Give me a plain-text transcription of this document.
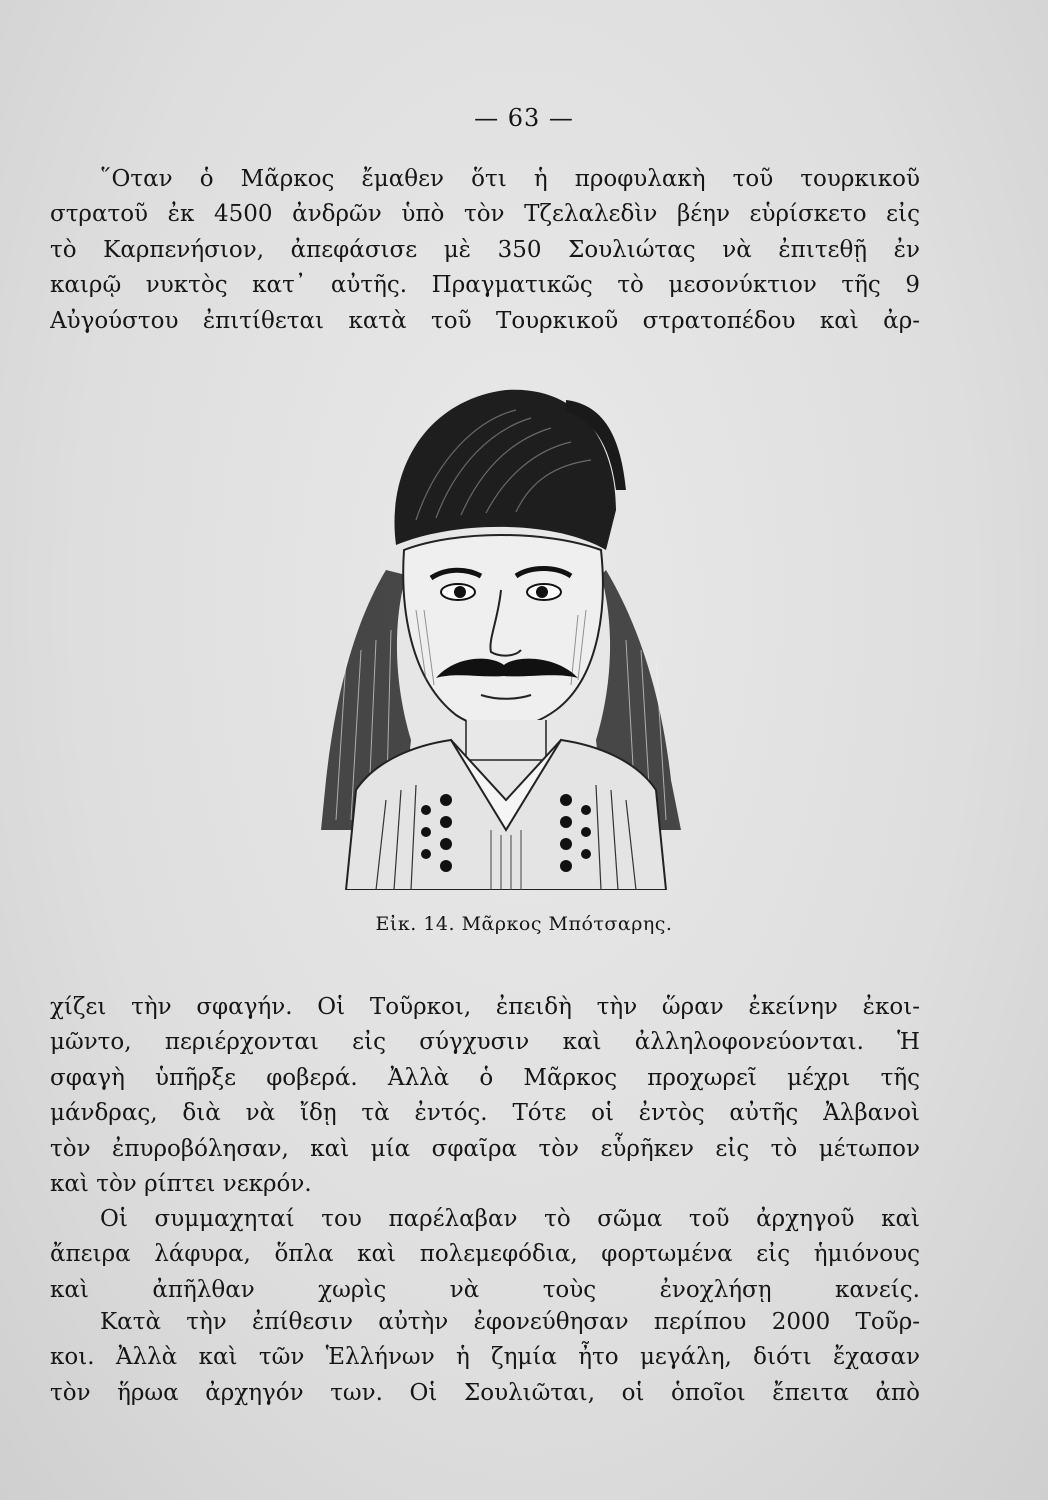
— 63 —
῞Οταν ὁ Μᾶρκος ἔμαθεν ὅτι ἡ προφυλακὴ τοῦ τουρκικοῦ
στρατοῦ ἐκ 4500 ἀνδρῶν ὑπὸ τὸν Τζελαλεδὶν βέην εὑρίσκετο εἰς
τὸ Καρπενήσιον, ἀπεφάσισε μὲ 350 Σουλιώτας νὰ ἐπιτεθῇ ἐν
καιρῷ νυκτὸς κατ᾽ αὐτῆς. Πραγματικῶς τὸ μεσονύκτιον τῆς 9
Αὐγούστου ἐπιτίθεται κατὰ τοῦ Τουρκικοῦ στρατοπέδου καὶ ἀρ-
Εἰκ. 14. Μᾶρκος Μπότσαρης.
χίζει τὴν σφαγήν. Οἱ Τοῦρκοι, ἐπειδὴ τὴν ὥραν ἐκείνην ἐκοι-
μῶντο, περιέρχονται εἰς σύγχυσιν καὶ ἀλληλοφονεύονται. Ἡ
σφαγὴ ὑπῆρξε φοβερά. Ἀλλὰ ὁ Μᾶρκος προχωρεῖ μέχρι τῆς
μάνδρας, διὰ νὰ ἴδῃ τὰ ἐντός. Τότε οἱ ἐντὸς αὐτῆς Ἀλβανοὶ
τὸν ἐπυροβόλησαν, καὶ μία σφαῖρα τὸν εὗρῆκεν εἰς τὸ μέτωπον
καὶ τὸν ρίπτει νεκρόν.
Οἱ συμμαχηταί του παρέλαβαν τὸ σῶμα τοῦ ἀρχηγοῦ καὶ
ἄπειρα λάφυρα, ὅπλα καὶ πολεμεφόδια, φορτωμένα εἰς ἡμιόνους
καὶ ἀπῆλθαν χωρὶς νὰ τοὺς ἐνοχλήσῃ κανείς.
Κατὰ τὴν ἐπίθεσιν αὐτὴν ἐφονεύθησαν περίπου 2000 Τοῦρ-
κοι. Ἀλλὰ καὶ τῶν Ἑλλήνων ἡ ζημία ἦτο μεγάλη, διότι ἔχασαν
τὸν ἥρωα ἀρχηγόν των. Οἱ Σουλιῶται, οἱ ὁποῖοι ἔπειτα ἀπὸ
